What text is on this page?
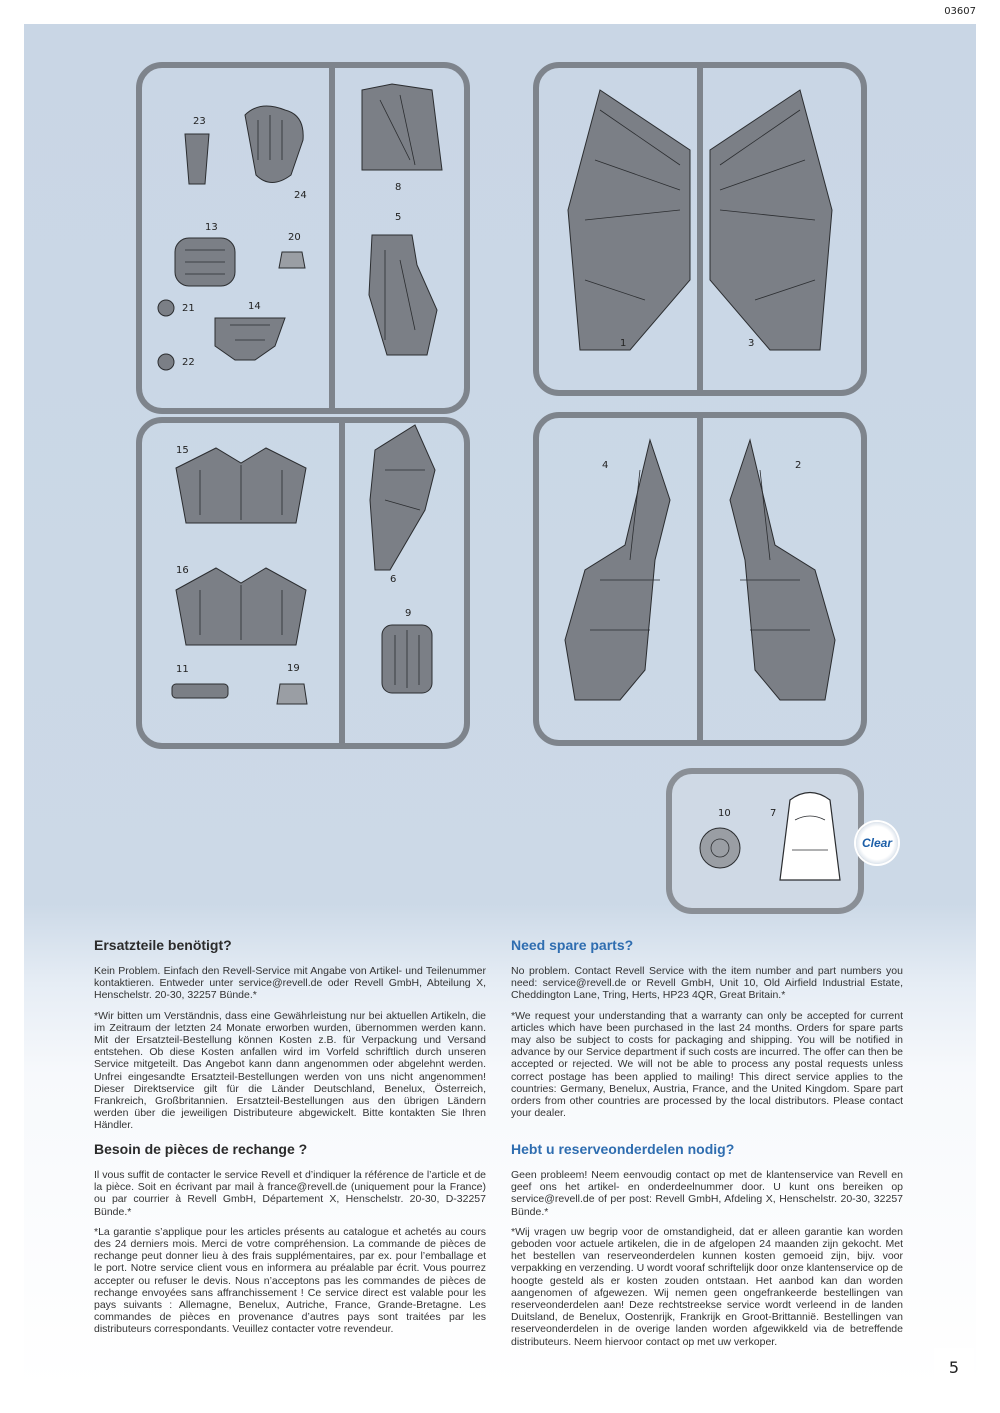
03607
23
24
8
13
20
5
21	14
22
1	3
15
6
16
9
11	19
4	2
10	7
Clear
Ersatzteile benötigt?

Kein Problem. Einfach den Revell-Service mit Angabe von Artikel- und Teilenummer kontaktieren. Entweder unter service@revell.de oder Revell GmbH, Abteilung X, Henschelstr. 20-30, 32257 Bünde.*

*Wir bitten um Verständnis, dass eine Gewährleistung nur bei aktuellen Artikeln, die im Zeitraum der letzten 24 Monate erworben wurden, übernommen werden kann. Mit der Ersatzteil-Bestellung können Kosten z.B. für Verpackung und Versand entstehen. Ob diese Kosten anfallen wird im Vorfeld schriftlich durch unseren Service mitgeteilt. Das Angebot kann dann angenommen oder abgelehnt werden. Unfrei eingesandte Ersatzteil-Bestellungen werden von uns nicht angenommen! Dieser Direktservice gilt für die Länder Deutschland, Benelux, Österreich, Frankreich, Großbritannien. Ersatzteil-Bestellungen aus den übrigen Ländern werden über die jeweiligen Distributeure abgewickelt. Bitte kontakten Sie Ihren Händler.

Besoin de pièces de rechange ?

Il vous suffit de contacter le service Revell et d’indiquer la référence de l’article et de la pièce. Soit en écrivant par mail à france@revell.de (uniquement pour la France) ou par courrier à Revell GmbH, Département X, Henschelstr. 20-30, D-32257 Bünde.*

*La garantie s’applique pour les articles présents au catalogue et achetés au cours des 24 derniers mois. Merci de votre compréhension. La commande de pièces de rechange peut donner lieu à des frais supplémentaires, par ex. pour l’emballage et le port. Notre service client vous en informera au préalable par écrit. Vous pourrez accepter ou refuser le devis. Nous n’acceptons pas les commandes de pièces de rechange envoyées sans affranchissement ! Ce service direct est valable pour les pays suivants : Allemagne, Benelux, Autriche, France, Grande-Bretagne. Les commandes de pièces en provenance d’autres pays sont traitées par les distributeurs correspondants. Veuillez contacter votre revendeur.

Need spare parts?

No problem. Contact Revell Service with the item number and part numbers you need: service@revell.de or Revell GmbH, Unit 10, Old Airfield Industrial Estate, Cheddington Lane, Tring, Herts, HP23 4QR, Great Britain.*

*We request your understanding that a warranty can only be accepted for current articles which have been purchased in the last 24 months. Orders for spare parts may also be subject to costs for packaging and shipping. You will be notified in advance by our Service department if such costs are incurred. The offer can then be accepted or rejected. We will not be able to process any postal requests unless correct postage has been applied to mailing! This direct service applies to the countries: Germany, Benelux, Austria, France, and the United Kingdom. Spare part orders from other countries are processed by the local distributors. Please contact your dealer.

Hebt u reserveonderdelen nodig?

Geen probleem! Neem eenvoudig contact op met de klantenservice van Revell en geef ons het artikel- en onderdeelnummer door. U kunt ons bereiken op service@revell.de of per post: Revell GmbH, Afdeling X, Henschelstr. 20-30, 32257 Bünde.*

*Wij vragen uw begrip voor de omstandigheid, dat er alleen garantie kan worden geboden voor actuele artikelen, die in de afgelopen 24 maanden zijn gekocht. Met het bestellen van reserveonderdelen kunnen kosten gemoeid zijn, bijv. voor verpakking en verzending. U wordt vooraf schriftelijk door onze klantenservice op de hoogte gesteld als er kosten zouden ontstaan. Het aanbod kan dan worden aangenomen of afgewezen. Wij nemen geen ongefrankeerde bestellingen van reserveonderdelen aan! Deze rechtstreekse service wordt verleend in de landen Duitsland, de Benelux, Oostenrijk, Frankrijk en Groot-Brittannië. Bestellingen van reserveonderdelen in de overige landen worden afgewikkeld via de betreffende distributeurs. Neem hiervoor contact op met uw verkoper.

5
